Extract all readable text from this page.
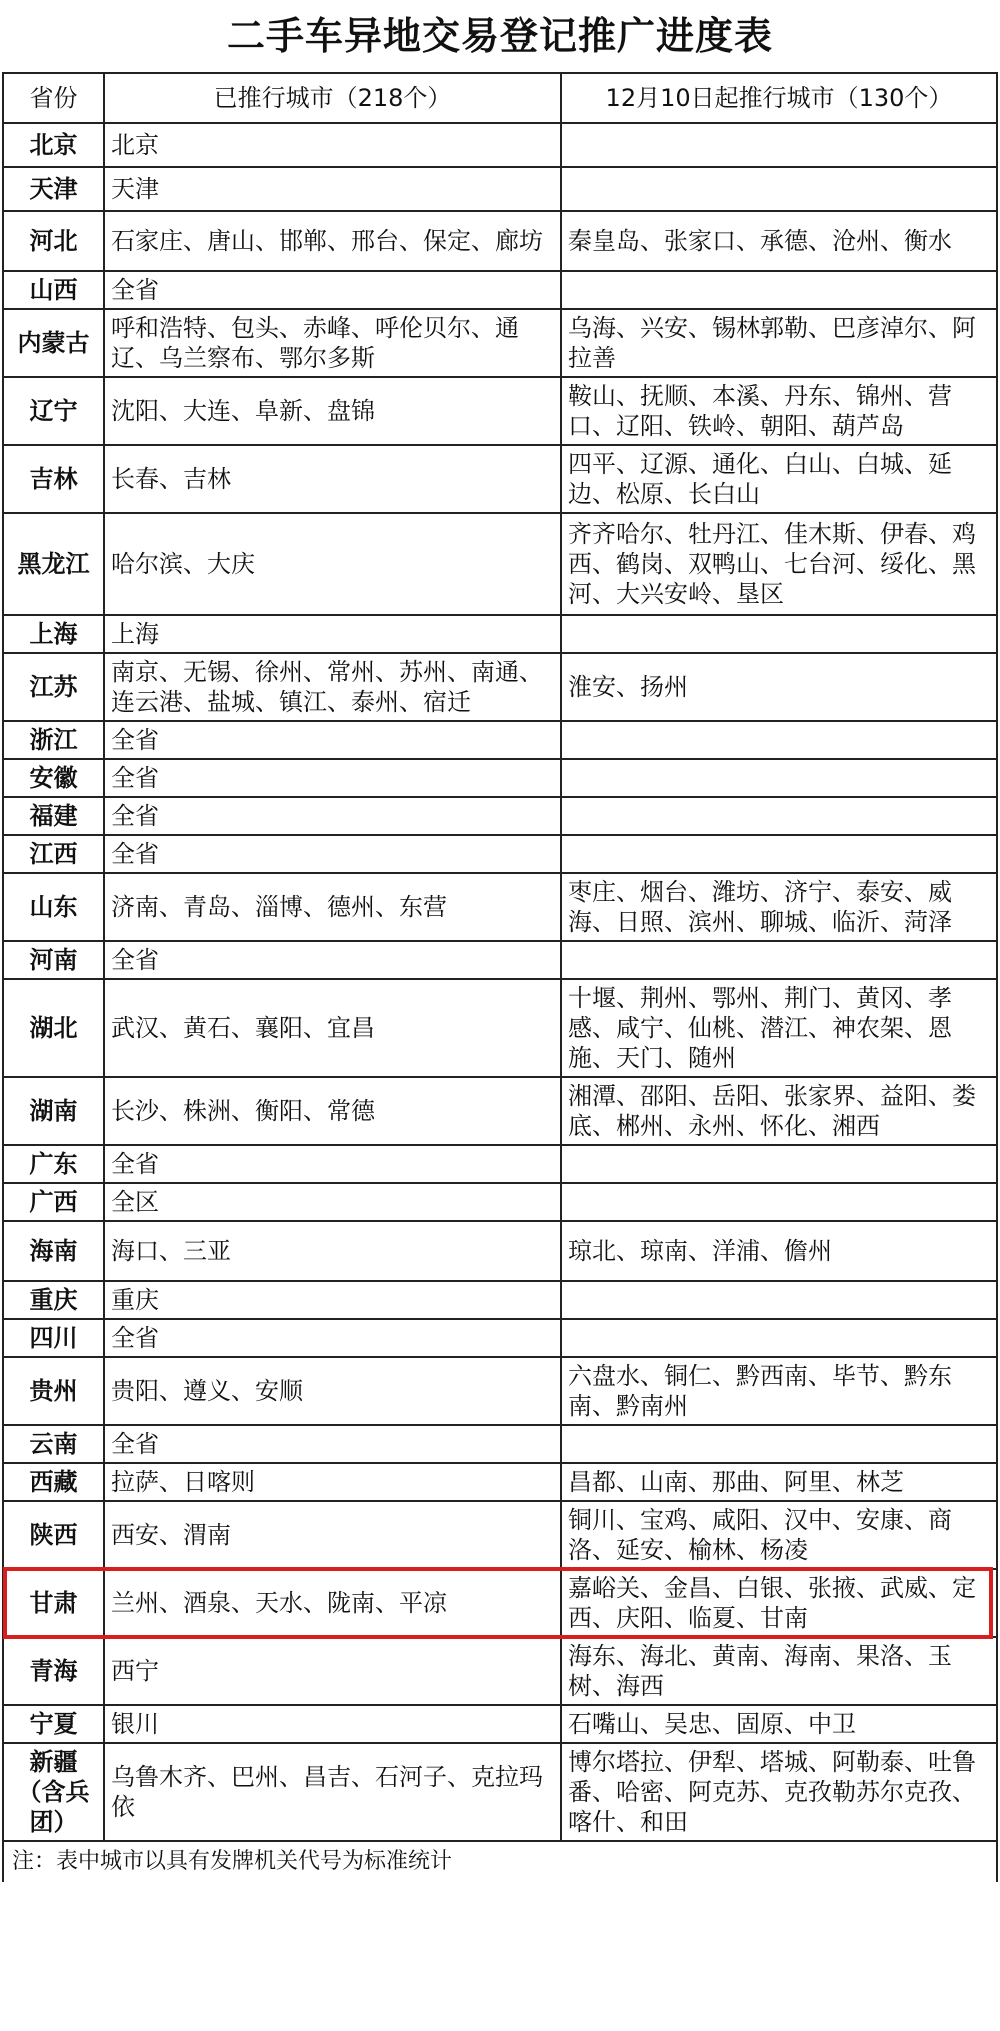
二手车异地交易登记推广进度表
省份	已推行城市（218个）	12月10日起推行城市（130个）
北京	北京	
天津	天津	
河北	石家庄、唐山、邯郸、邢台、保定、廊坊	秦皇岛、张家口、承德、沧州、衡水
山西	全省	
内蒙古	呼和浩特、包头、赤峰、呼伦贝尔、通辽、乌兰察布、鄂尔多斯	乌海、兴安、锡林郭勒、巴彦淖尔、阿拉善
辽宁	沈阳、大连、阜新、盘锦	鞍山、抚顺、本溪、丹东、锦州、营口、辽阳、铁岭、朝阳、葫芦岛
吉林	长春、吉林	四平、辽源、通化、白山、白城、延边、松原、长白山
黑龙江	哈尔滨、大庆	齐齐哈尔、牡丹江、佳木斯、伊春、鸡西、鹤岗、双鸭山、七台河、绥化、黑河、大兴安岭、垦区
上海	上海	
江苏	南京、无锡、徐州、常州、苏州、南通、连云港、盐城、镇江、泰州、宿迁	淮安、扬州
浙江	全省	
安徽	全省	
福建	全省	
江西	全省	
山东	济南、青岛、淄博、德州、东营	枣庄、烟台、潍坊、济宁、泰安、威海、日照、滨州、聊城、临沂、菏泽
河南	全省	
湖北	武汉、黄石、襄阳、宜昌	十堰、荆州、鄂州、荆门、黄冈、孝感、咸宁、仙桃、潜江、神农架、恩施、天门、随州
湖南	长沙、株洲、衡阳、常德	湘潭、邵阳、岳阳、张家界、益阳、娄底、郴州、永州、怀化、湘西
广东	全省	
广西	全区	
海南	海口、三亚	琼北、琼南、洋浦、儋州
重庆	重庆	
四川	全省	
贵州	贵阳、遵义、安顺	六盘水、铜仁、黔西南、毕节、黔东南、黔南州
云南	全省	
西藏	拉萨、日喀则	昌都、山南、那曲、阿里、林芝
陕西	西安、渭南	铜川、宝鸡、咸阳、汉中、安康、商洛、延安、榆林、杨凌
甘肃	兰州、酒泉、天水、陇南、平凉	嘉峪关、金昌、白银、张掖、武威、定西、庆阳、临夏、甘南
青海	西宁	海东、海北、黄南、海南、果洛、玉树、海西
宁夏	银川	石嘴山、吴忠、固原、中卫
新疆（含兵团）	乌鲁木齐、巴州、昌吉、石河子、克拉玛依	博尔塔拉、伊犁、塔城、阿勒泰、吐鲁番、哈密、阿克苏、克孜勒苏尔克孜、喀什、和田
注：表中城市以具有发牌机关代号为标准统计		
